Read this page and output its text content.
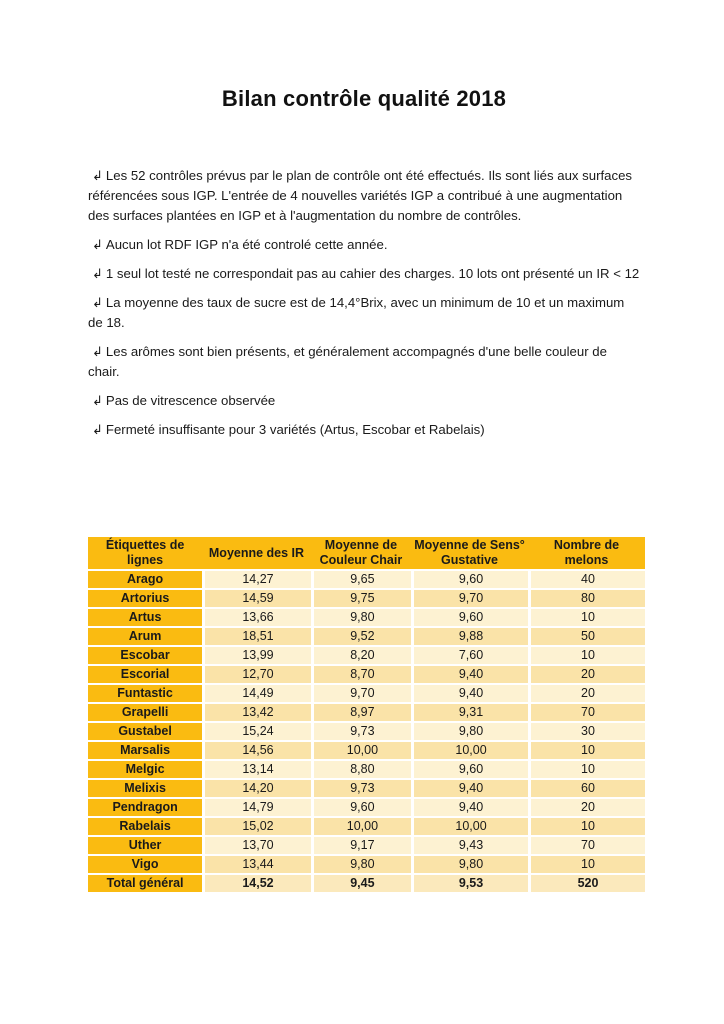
Bilan contrôle qualité 2018
↳ Les 52 contrôles prévus par le plan de contrôle ont été effectués. Ils sont liés aux surfaces référencées sous IGP. L'entrée de 4 nouvelles variétés IGP a contribué à une augmentation des surfaces plantées en IGP et à l'augmentation du nombre de contrôles.
↳ Aucun lot RDF IGP n'a été controlé cette année.
↳ 1 seul lot testé ne correspondait pas au cahier des charges. 10 lots ont présenté un IR < 12
↳ La moyenne des taux de sucre est de 14,4°Brix, avec un minimum de 10 et un maximum de 18.
↳ Les arômes sont bien présents, et généralement accompagnés d'une belle couleur de chair.
↳ Pas de vitrescence observée
↳ Fermeté insuffisante pour 3 variétés (Artus, Escobar et Rabelais)
Étiquettes de lignes	Moyenne des IR	Moyenne de Couleur Chair	Moyenne de Sens° Gustative	Nombre de melons
Arago	14,27	9,65	9,60	40
Artorius	14,59	9,75	9,70	80
Artus	13,66	9,80	9,60	10
Arum	18,51	9,52	9,88	50
Escobar	13,99	8,20	7,60	10
Escorial	12,70	8,70	9,40	20
Funtastic	14,49	9,70	9,40	20
Grapelli	13,42	8,97	9,31	70
Gustabel	15,24	9,73	9,80	30
Marsalis	14,56	10,00	10,00	10
Melgic	13,14	8,80	9,60	10
Melixis	14,20	9,73	9,40	60
Pendragon	14,79	9,60	9,40	20
Rabelais	15,02	10,00	10,00	10
Uther	13,70	9,17	9,43	70
Vigo	13,44	9,80	9,80	10
Total général	14,52	9,45	9,53	520
